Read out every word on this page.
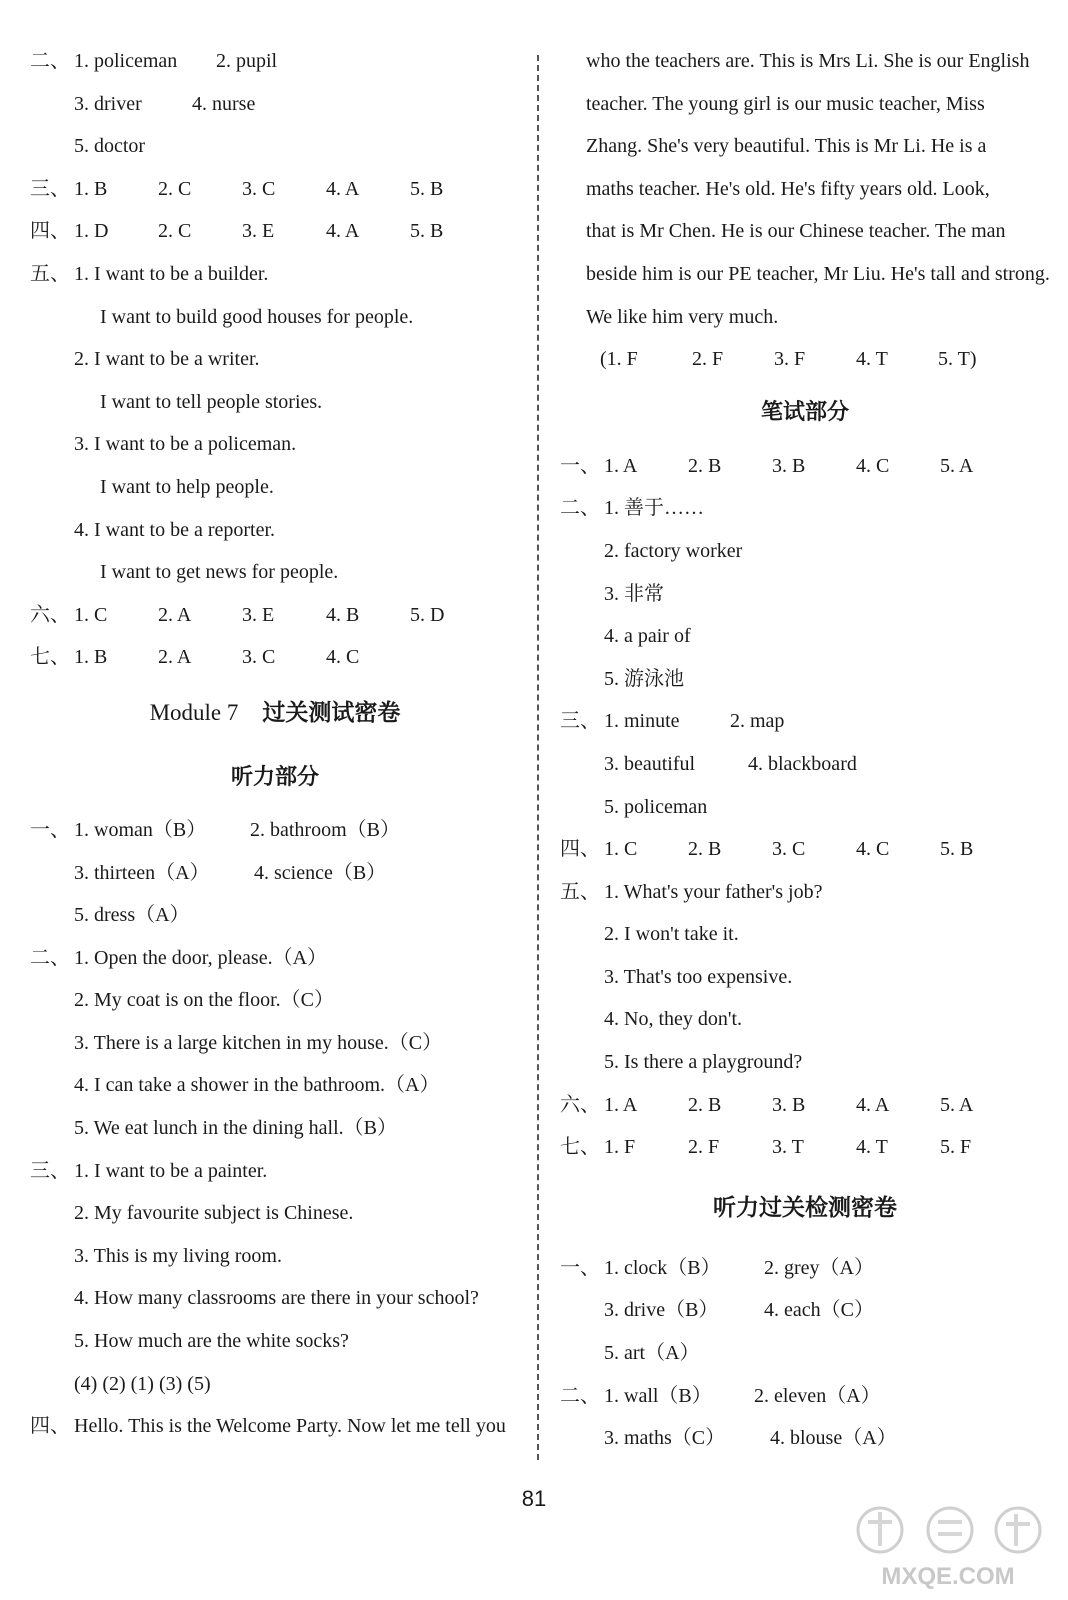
二、 1. policeman 2. pupil
3. driver	4. nurse
5. doctor
三、 1. B	2. C	3. C	4. A	5. B
四、 1. D 2. C	3. E	4. A	5. B
五、 1. I want to be a builder.
I want to build good houses for people.
2. I want to be a writer.
I want to tell people stories.
3. I want to be a policeman.
I want to help people.
4. I want to be a reporter.
I want to get news for people.
六、 1. C	2. A	3. E	4. B	5. D
七、 1. B	2. A	3. C	4. C
Module 7 过关测试密卷
听力部分
一、 1. woman（B） 2. bathroom（B）
3. thirteen（A） 4. science（B）
5. dress（A）
二、 1. Open the door, please.（A）
2. My coat is on the floor.（C）
3. There is a large kitchen in my house.（C）
4. I can take a shower in the bathroom.（A）
5. We eat lunch in the dining hall.（B）
三、 1. I want to be a painter.
2. My favourite subject is Chinese.
3. This is my living room.
4. How many classrooms are there in your school?
5. How much are the white socks?
(4) (2) (1) (3) (5)
四、 Hello. This is the Welcome Party. Now let me tell you
who the teachers are. This is Mrs Li. She is our English
teacher. The young girl is our music teacher, Miss
Zhang. She's very beautiful. This is Mr Li. He is a
maths teacher. He's old. He's fifty years old. Look,
that is Mr Chen. He is our Chinese teacher. The man
beside him is our PE teacher, Mr Liu. He's tall and strong.
We like him very much.
(1. F	2. F	3. F	4. T	5. T)
笔试部分
一、 1. A	2. B	3. B	4. C	5. A
二、 1. 善于……
2. factory worker
3. 非常
4. a pair of
5. 游泳池
三、 1. minute	2. map
3. beautiful	4. blackboard
5. policeman
四、 1. C	2. B	3. C	4. C	5. B
五、 1. What's your father's job?
2. I won't take it.
3. That's too expensive.
4. No, they don't.
5. Is there a playground?
六、 1. A	2. B	3. B	4. A	5. A
七、 1. F	2. F	3. T	4. T	5. F
听力过关检测密卷
一、 1. clock（B） 2. grey（A）
3. drive（B） 4. each（C）
5. art（A）
二、 1. wall（B） 2. eleven（A）
3. maths（C） 4. blouse（A）
81
MXQE.COM
